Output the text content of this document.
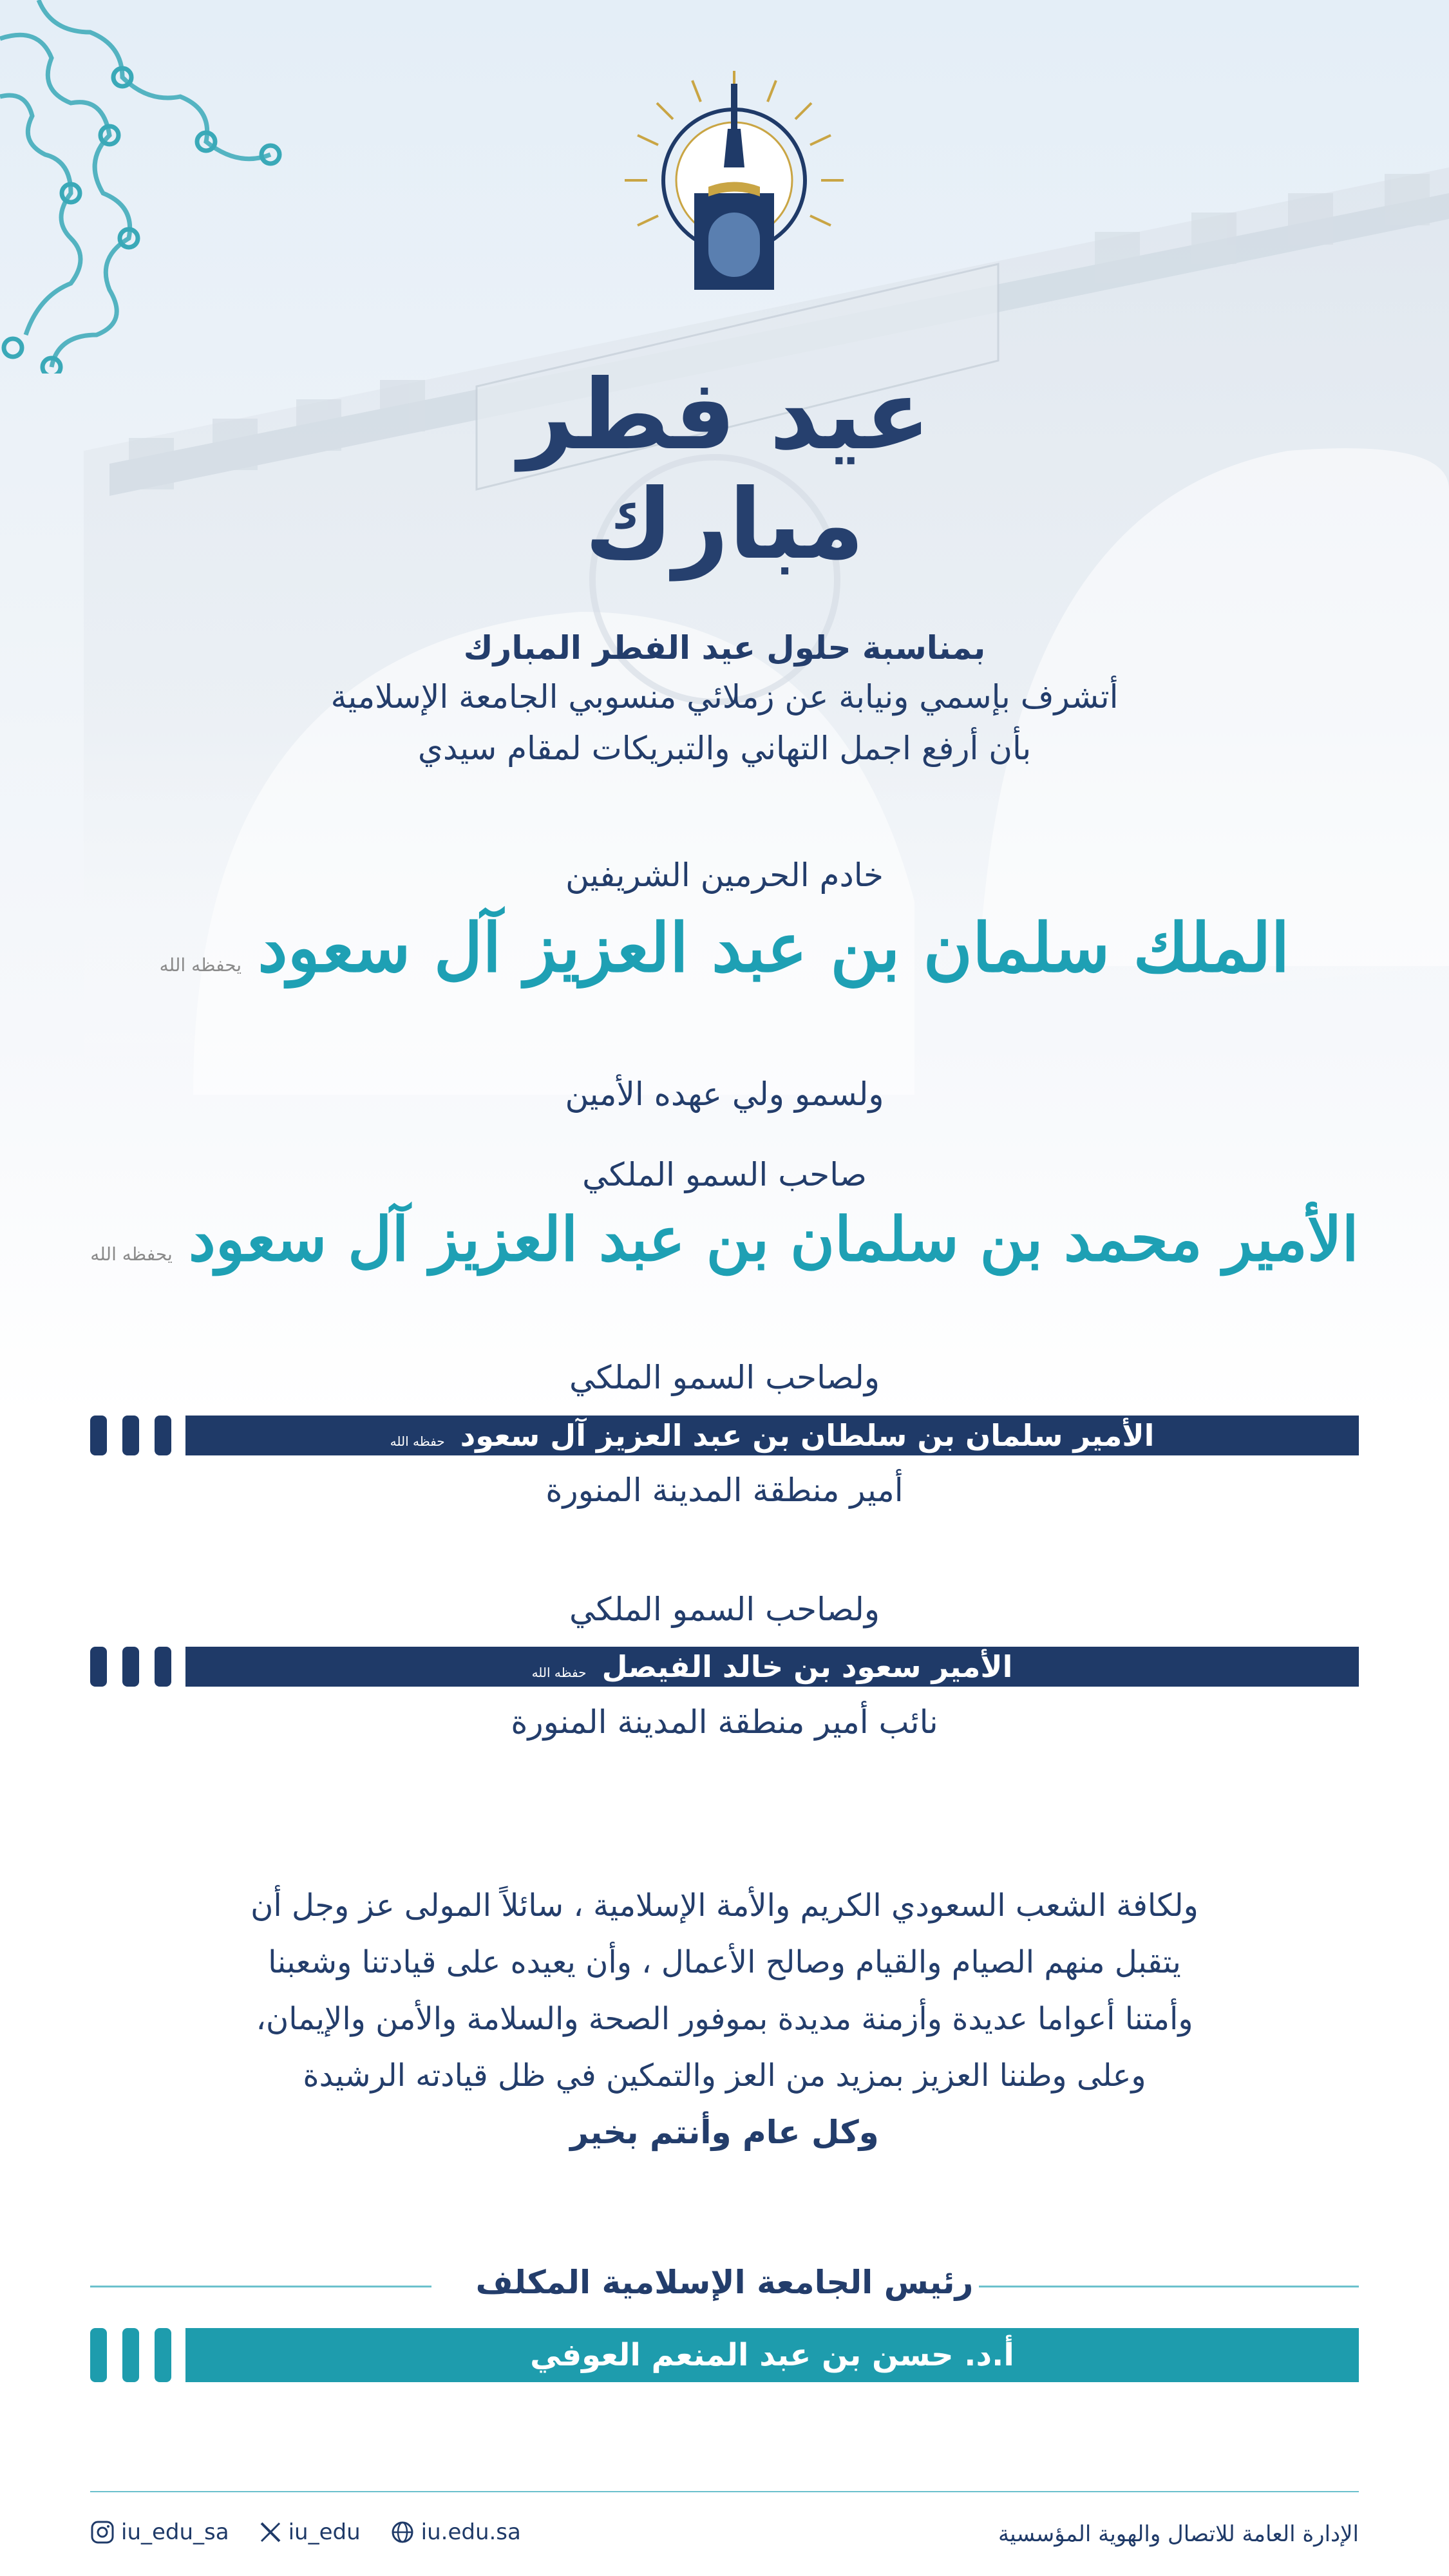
عيد فطر
مبارك
بمناسبة حلول عيد الفطر المبارك
أتشرف بإسمي ونيابة عن زملائي منسوبي الجامعة الإسلامية
بأن أرفع اجمل التهاني والتبريكات لمقام سيدي
خادم الحرمين الشريفين
الملك سلمان بن عبد العزيز آل سعود يحفظه الله
ولسمو ولي عهده الأمين
صاحب السمو الملكي
الأمير محمد بن سلمان بن عبد العزيز آل سعود يحفظه الله
ولصاحب السمو الملكي
الأمير سلمان بن سلطان بن عبد العزيز آل سعود حفظه الله
أمير منطقة المدينة المنورة
ولصاحب السمو الملكي
الأمير سعود بن خالد الفيصل حفظه الله
نائب أمير منطقة المدينة المنورة
ولكافة الشعب السعودي الكريم والأمة الإسلامية ، سائلاً المولى عز وجل أن
يتقبل منهم الصيام والقيام وصالح الأعمال ، وأن يعيده على قيادتنا وشعبنا
وأمتنا أعواما عديدة وأزمنة مديدة بموفور الصحة والسلامة والأمن والإيمان،
وعلى وطننا العزيز بمزيد من العز والتمكين في ظل قيادته الرشيدة
وكل عام وأنتم بخير
رئيس الجامعة الإسلامية المكلف
أ.د. حسن بن عبد المنعم العوفي
الإدارة العامة للاتصال والهوية المؤسسية
iu_edu_sa	iu_edu	iu.edu.sa
